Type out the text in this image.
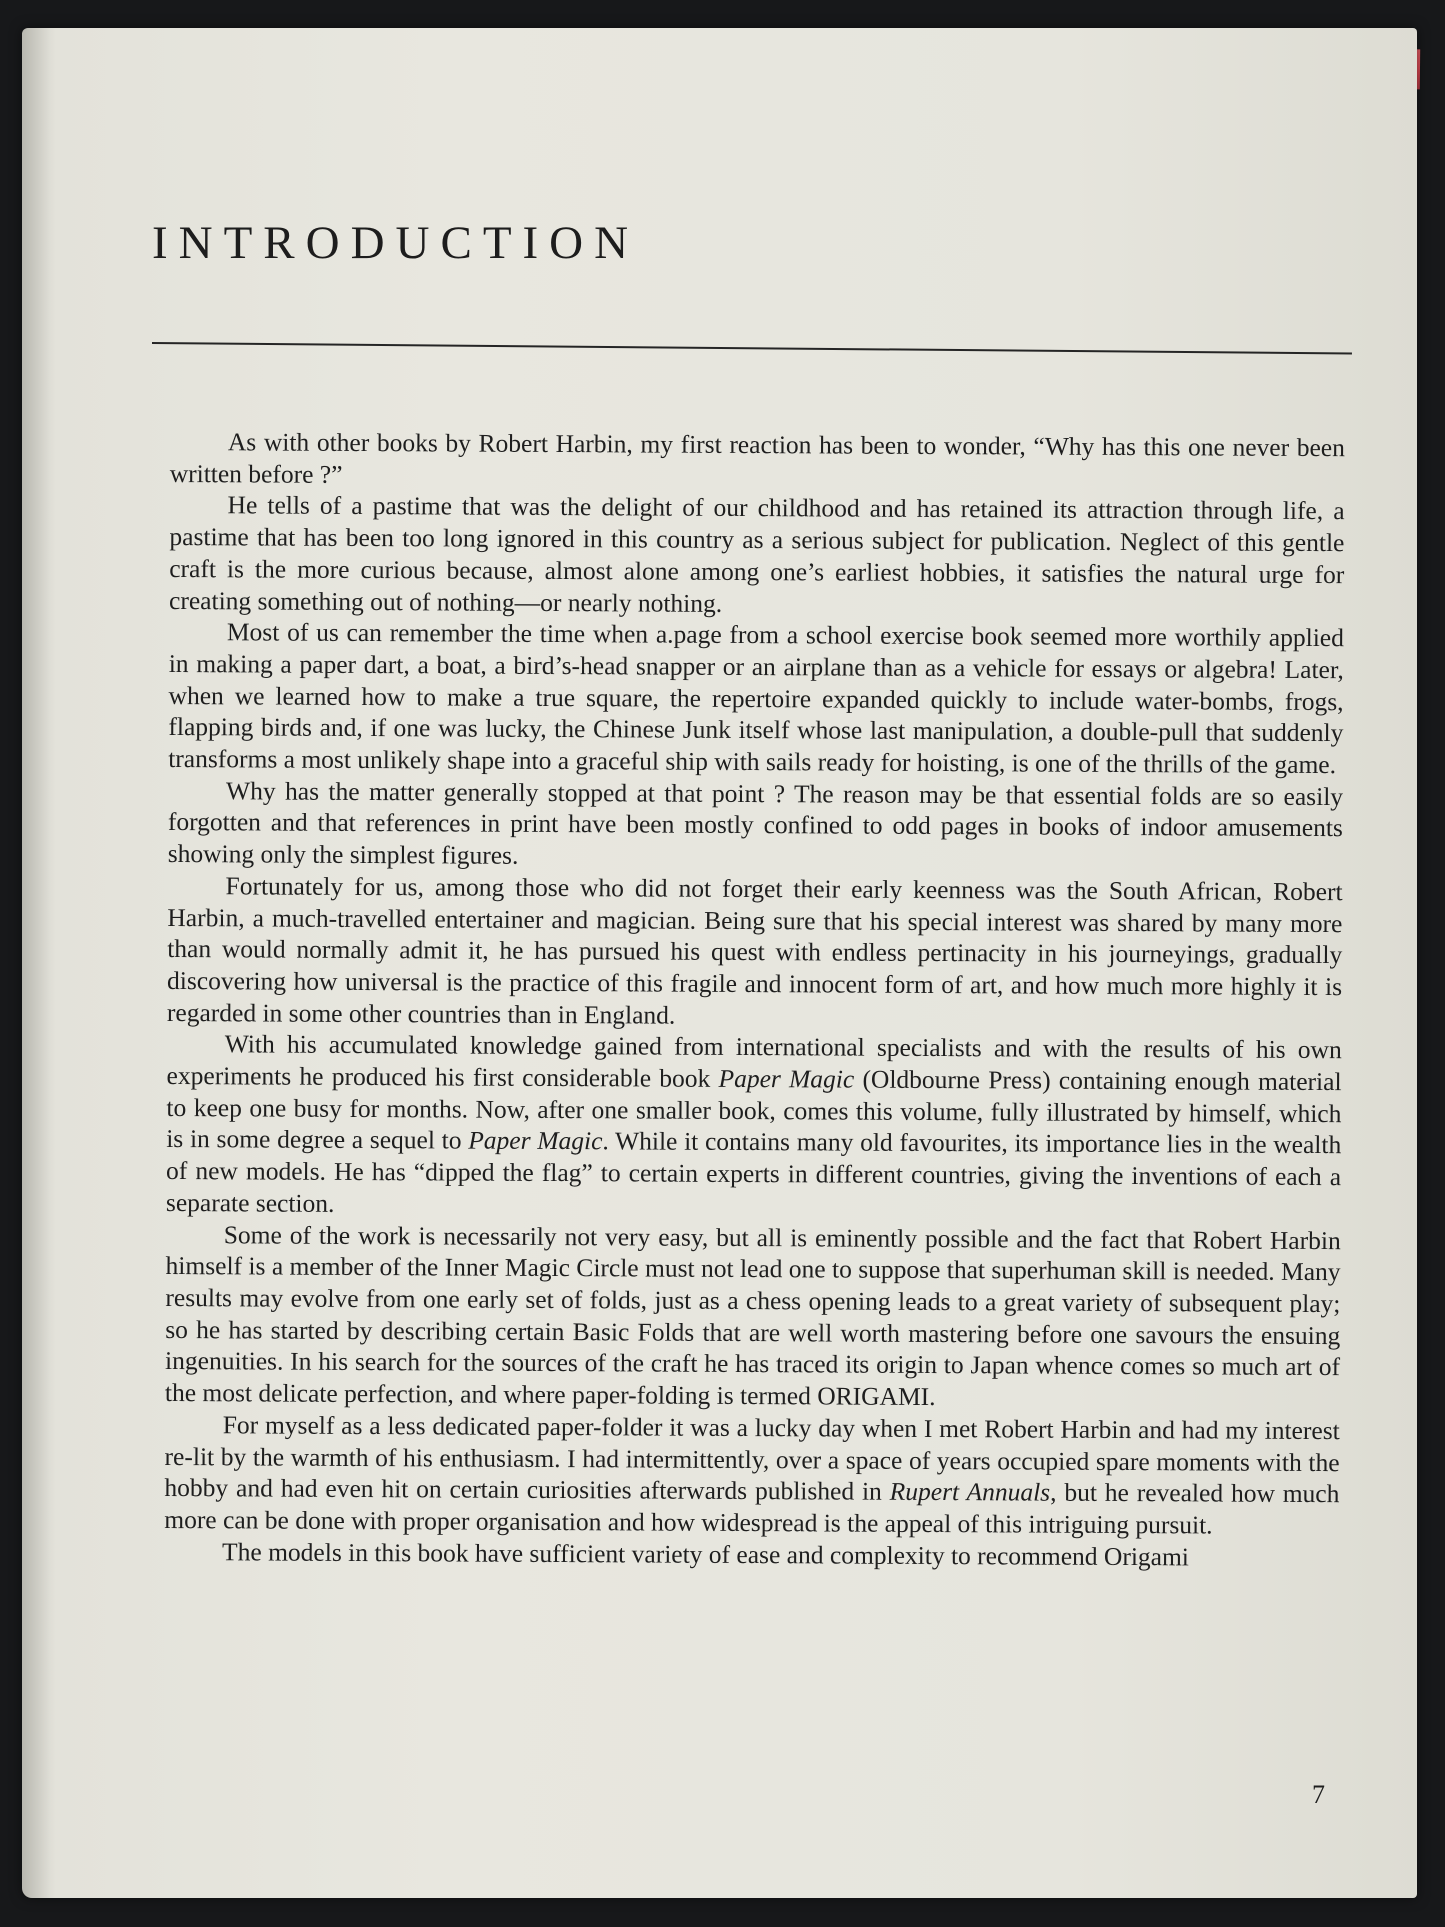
INTRODUCTION

As with other books by Robert Harbin, my first reaction has been to wonder, “Why has this one never been written before ?”

He tells of a pastime that was the delight of our childhood and has retained its attraction through life, a pastime that has been too long ignored in this country as a serious subject for publication. Neglect of this gentle craft is the more curious because, almost alone among one’s earliest hobbies, it satisfies the natural urge for creating something out of nothing—or nearly nothing.

Most of us can remember the time when a.page from a school exercise book seemed more worthily applied in making a paper dart, a boat, a bird’s-head snapper or an airplane than as a vehicle for essays or algebra! Later, when we learned how to make a true square, the repertoire expanded quickly to include water-bombs, frogs, flapping birds and, if one was lucky, the Chinese Junk itself whose last manipulation, a double-pull that suddenly transforms a most unlikely shape into a graceful ship with sails ready for hoisting, is one of the thrills of the game.

Why has the matter generally stopped at that point ? The reason may be that essential folds are so easily forgotten and that references in print have been mostly confined to odd pages in books of indoor amusements showing only the simplest figures.

Fortunately for us, among those who did not forget their early keenness was the South African, Robert Harbin, a much-travelled entertainer and magician. Being sure that his special interest was shared by many more than would normally admit it, he has pursued his quest with endless pertinacity in his journeyings, gradually discovering how universal is the practice of this fragile and innocent form of art, and how much more highly it is regarded in some other countries than in England.

With his accumulated knowledge gained from international specialists and with the results of his own experiments he produced his first considerable book Paper Magic (Oldbourne Press) containing enough material to keep one busy for months. Now, after one smaller book, comes this volume, fully illustrated by himself, which is in some degree a sequel to Paper Magic. While it contains many old favourites, its importance lies in the wealth of new models. He has “dipped the flag” to certain experts in different countries, giving the inventions of each a separate section.

Some of the work is necessarily not very easy, but all is eminently possible and the fact that Robert Harbin himself is a member of the Inner Magic Circle must not lead one to suppose that superhuman skill is needed. Many results may evolve from one early set of folds, just as a chess opening leads to a great variety of subsequent play; so he has started by describing certain Basic Folds that are well worth mastering before one savours the ensuing ingenuities. In his search for the sources of the craft he has traced its origin to Japan whence comes so much art of the most delicate perfection, and where paper-folding is termed ORIGAMI.

For myself as a less dedicated paper-folder it was a lucky day when I met Robert Harbin and had my interest re-lit by the warmth of his enthusiasm. I had intermittently, over a space of years occupied spare moments with the hobby and had even hit on certain curiosities afterwards published in Rupert Annuals, but he revealed how much more can be done with proper organisation and how widespread is the appeal of this intriguing pursuit.

The models in this book have sufficient variety of ease and complexity to recommend Origami

7
